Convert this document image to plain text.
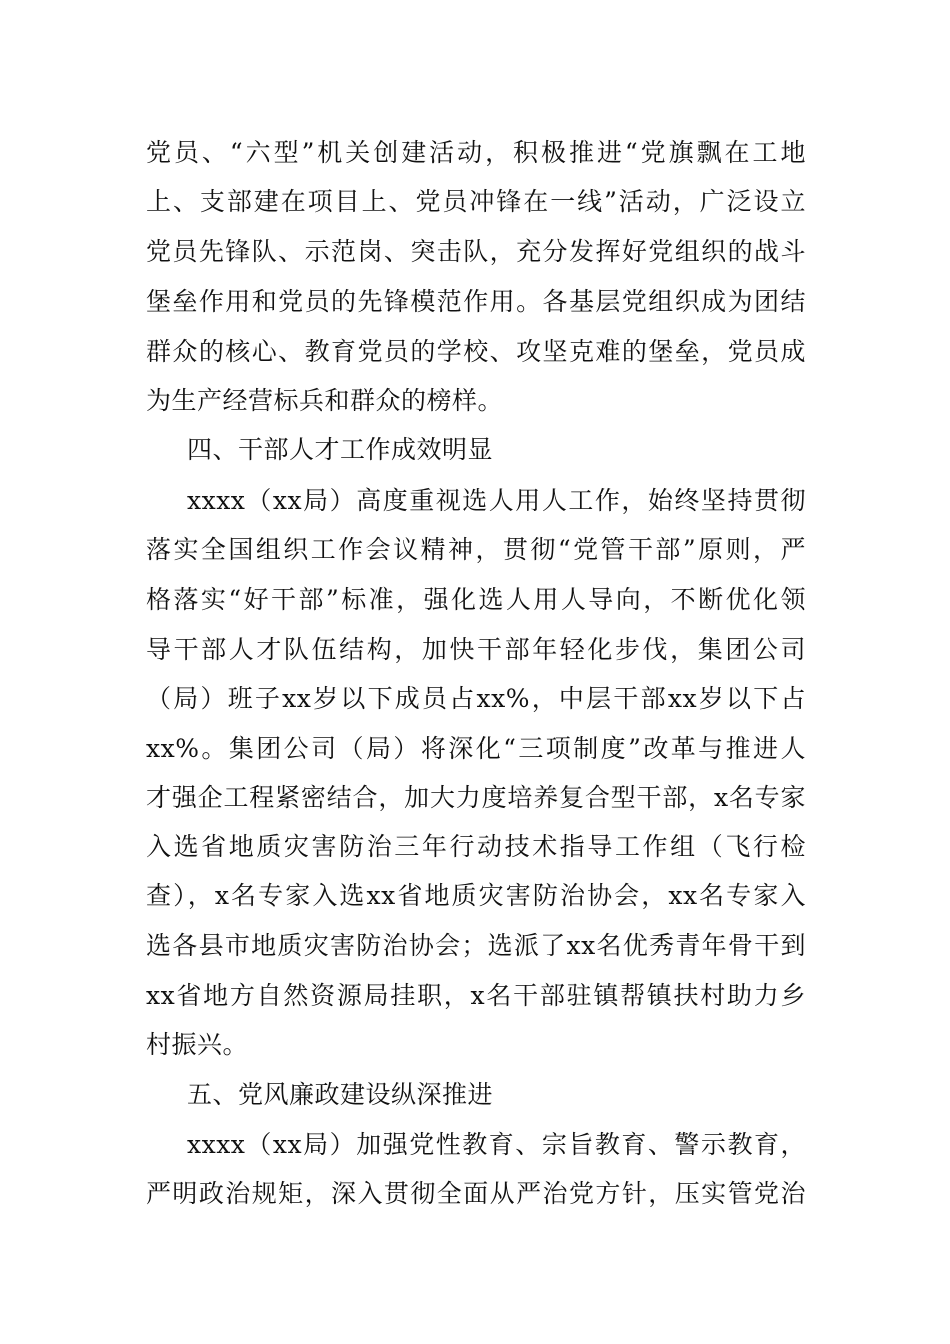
党员、“六型”机关创建活动，积极推进“党旗飘在工地
上、支部建在项目上、党员冲锋在一线”活动，广泛设立
党员先锋队、示范岗、突击队，充分发挥好党组织的战斗
堡垒作用和党员的先锋模范作用。各基层党组织成为团结
群众的核心、教育党员的学校、攻坚克难的堡垒，党员成
为生产经营标兵和群众的榜样。
四、干部人才工作成效明显
xxxx（xx局）高度重视选人用人工作，始终坚持贯彻
落实全国组织工作会议精神，贯彻“党管干部”原则，严
格落实“好干部”标准，强化选人用人导向，不断优化领
导干部人才队伍结构，加快干部年轻化步伐，集团公司
（局）班子xx岁以下成员占xx%，中层干部xx岁以下占
xx%。集团公司（局）将深化“三项制度”改革与推进人
才强企工程紧密结合，加大力度培养复合型干部，x名专家
入选省地质灾害防治三年行动技术指导工作组（飞行检
查），x名专家入选xx省地质灾害防治协会，xx名专家入
选各县市地质灾害防治协会；选派了xx名优秀青年骨干到
xx省地方自然资源局挂职，x名干部驻镇帮镇扶村助力乡
村振兴。
五、党风廉政建设纵深推进
xxxx（xx局）加强党性教育、宗旨教育、警示教育，
严明政治规矩，深入贯彻全面从严治党方针，压实管党治
